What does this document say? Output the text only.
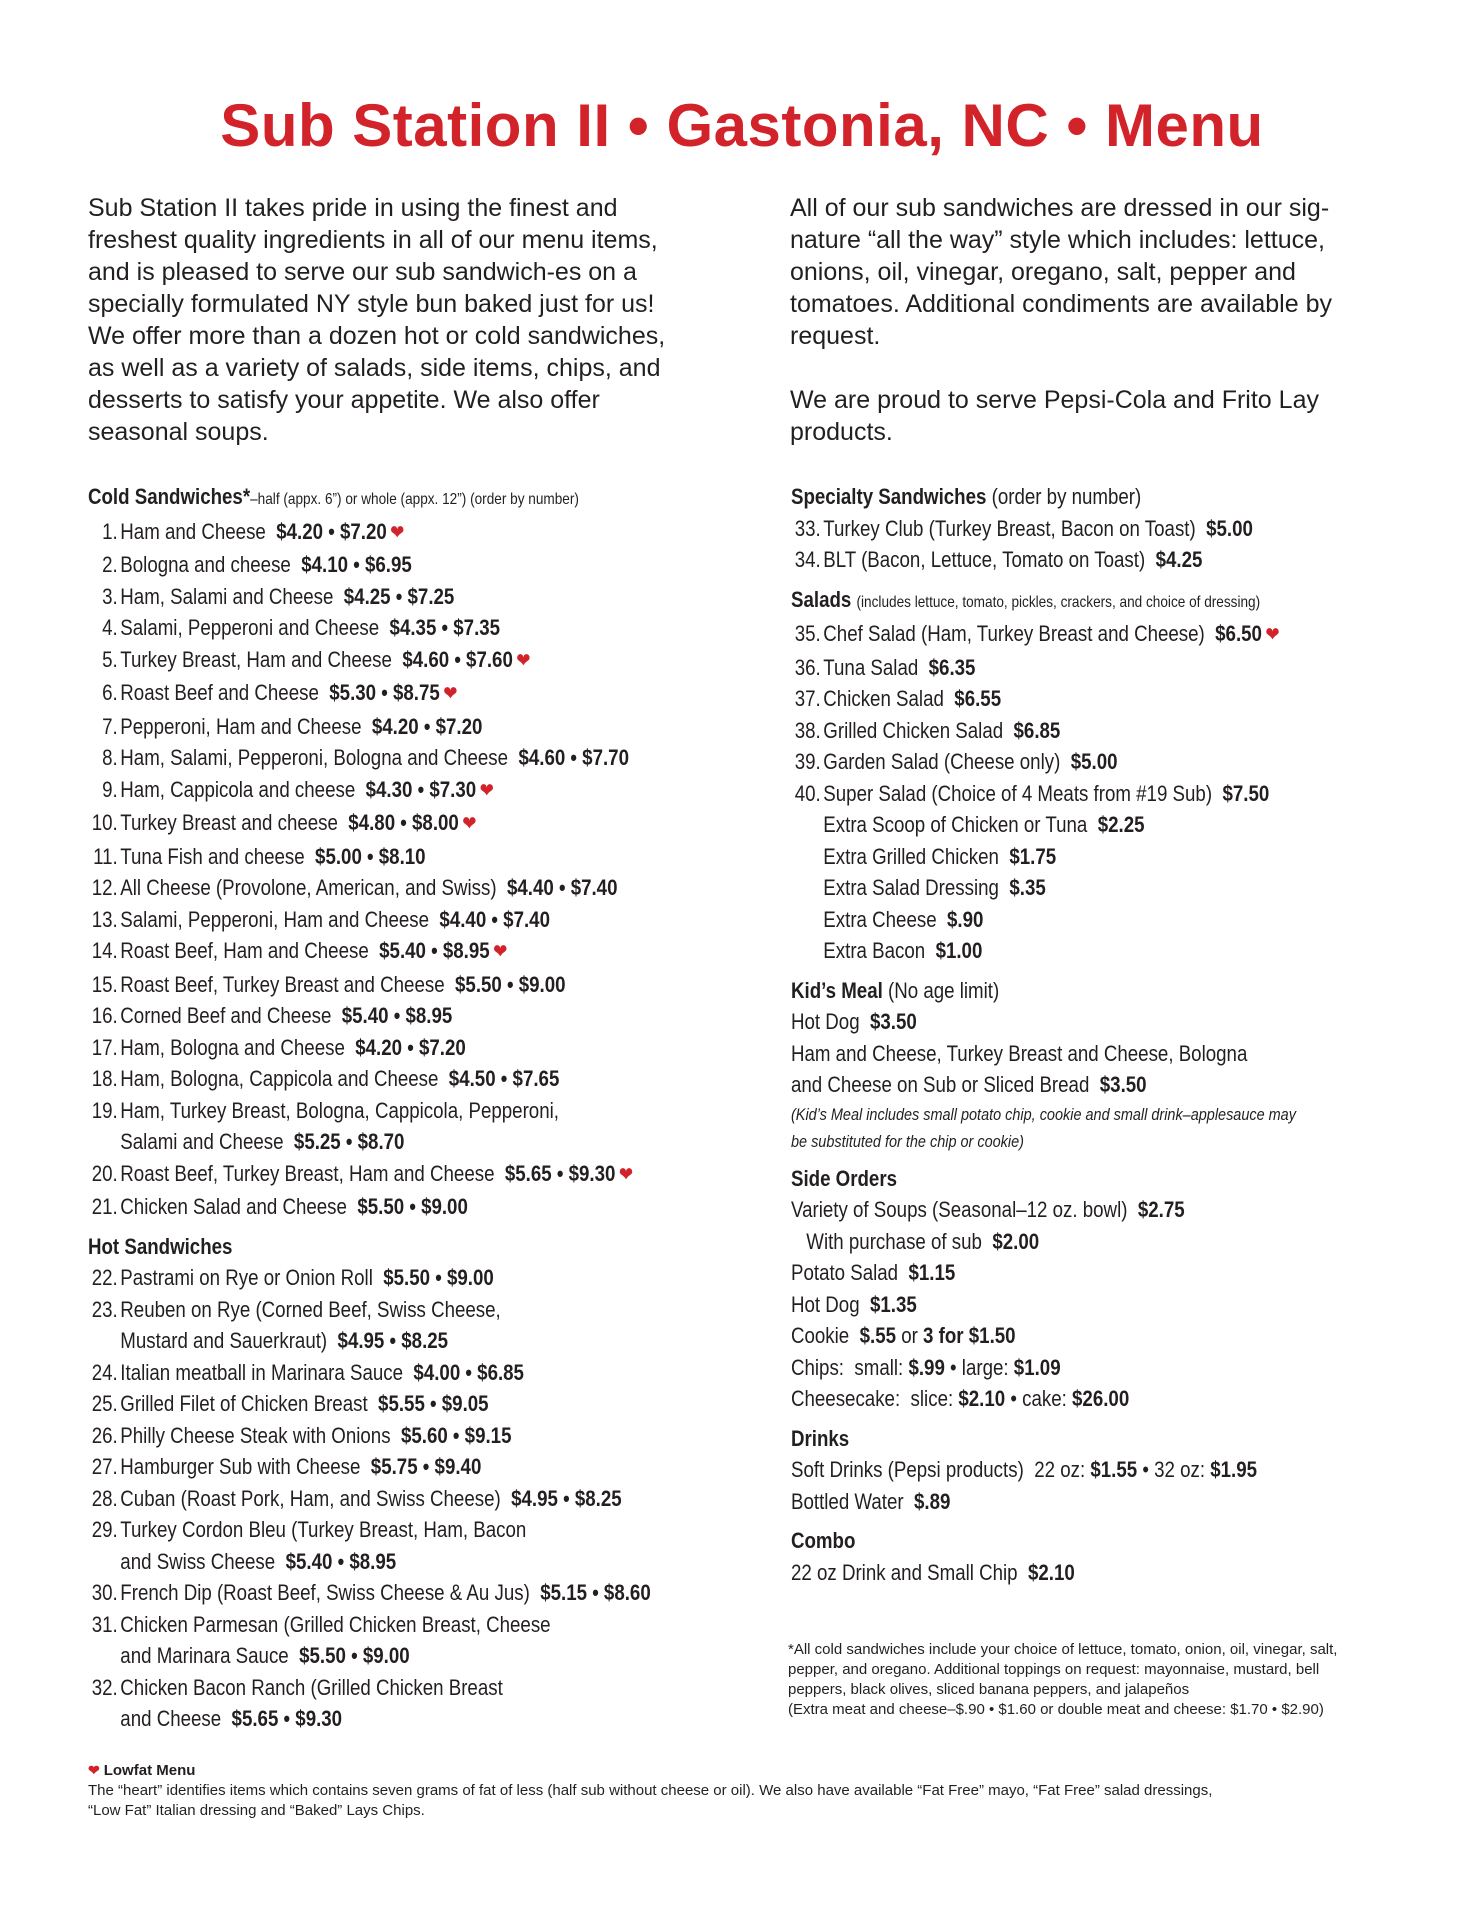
Sub Station II • Gastonia, NC • Menu

Sub Station II takes pride in using the finest and freshest quality ingredients in all of our menu items, and is pleased to serve our sub sandwich-es on a specially formulated NY style bun baked just for us! We offer more than a dozen hot or cold sandwiches, as well as a variety of salads, side items, chips, and desserts to satisfy your appetite. We also offer seasonal soups.

All of our sub sandwiches are dressed in our sig-nature “all the way” style which includes: lettuce, onions, oil, vinegar, oregano, salt, pepper and tomatoes. Additional condiments are available by request.

We are proud to serve Pepsi-Cola and Frito Lay products.

Cold Sandwiches*–half (appx. 6”) or whole (appx. 12”) (order by number)
1. Ham and Cheese $4.20 • $7.20 ❤
2. Bologna and cheese $4.10 • $6.95
3. Ham, Salami and Cheese $4.25 • $7.25
4. Salami, Pepperoni and Cheese $4.35 • $7.35
5. Turkey Breast, Ham and Cheese $4.60 • $7.60 ❤
6. Roast Beef and Cheese $5.30 • $8.75 ❤
7. Pepperoni, Ham and Cheese $4.20 • $7.20
8. Ham, Salami, Pepperoni, Bologna and Cheese $4.60 • $7.70
9. Ham, Cappicola and cheese $4.30 • $7.30 ❤
10. Turkey Breast and cheese $4.80 • $8.00 ❤
11. Tuna Fish and cheese $5.00 • $8.10
12. All Cheese (Provolone, American, and Swiss) $4.40 • $7.40
13. Salami, Pepperoni, Ham and Cheese $4.40 • $7.40
14. Roast Beef, Ham and Cheese $5.40 • $8.95 ❤
15. Roast Beef, Turkey Breast and Cheese $5.50 • $9.00
16. Corned Beef and Cheese $5.40 • $8.95
17. Ham, Bologna and Cheese $4.20 • $7.20
18. Ham, Bologna, Cappicola and Cheese $4.50 • $7.65
19. Ham, Turkey Breast, Bologna, Cappicola, Pepperoni,
Salami and Cheese $5.25 • $8.70
20. Roast Beef, Turkey Breast, Ham and Cheese $5.65 • $9.30 ❤
21. Chicken Salad and Cheese $5.50 • $9.00
Hot Sandwiches
22. Pastrami on Rye or Onion Roll $5.50 • $9.00
23. Reuben on Rye (Corned Beef, Swiss Cheese,
Mustard and Sauerkraut) $4.95 • $8.25
24. Italian meatball in Marinara Sauce $4.00 • $6.85
25. Grilled Filet of Chicken Breast $5.55 • $9.05
26. Philly Cheese Steak with Onions $5.60 • $9.15
27. Hamburger Sub with Cheese $5.75 • $9.40
28. Cuban (Roast Pork, Ham, and Swiss Cheese) $4.95 • $8.25
29. Turkey Cordon Bleu (Turkey Breast, Ham, Bacon
and Swiss Cheese $5.40 • $8.95
30. French Dip (Roast Beef, Swiss Cheese & Au Jus) $5.15 • $8.60
31. Chicken Parmesan (Grilled Chicken Breast, Cheese
and Marinara Sauce $5.50 • $9.00
32. Chicken Bacon Ranch (Grilled Chicken Breast
and Cheese $5.65 • $9.30
Specialty Sandwiches (order by number)
33. Turkey Club (Turkey Breast, Bacon on Toast) $5.00
34. BLT (Bacon, Lettuce, Tomato on Toast) $4.25
Salads (includes lettuce, tomato, pickles, crackers, and choice of dressing)
35. Chef Salad (Ham, Turkey Breast and Cheese) $6.50 ❤
36. Tuna Salad $6.35
37. Chicken Salad $6.55
38. Grilled Chicken Salad $6.85
39. Garden Salad (Cheese only) $5.00
40. Super Salad (Choice of 4 Meats from #19 Sub) $7.50
Extra Scoop of Chicken or Tuna $2.25
Extra Grilled Chicken $1.75
Extra Salad Dressing $.35
Extra Cheese $.90
Extra Bacon $1.00
Kid’s Meal (No age limit)
Hot Dog $3.50
Ham and Cheese, Turkey Breast and Cheese, Bologna
and Cheese on Sub or Sliced Bread $3.50
(Kid’s Meal includes small potato chip, cookie and small drink–applesauce may
be substituted for the chip or cookie)
Side Orders
Variety of Soups (Seasonal–12 oz. bowl) $2.75
With purchase of sub $2.00
Potato Salad $1.15
Hot Dog $1.35
Cookie $.55 or 3 for $1.50
Chips: small: $.99 • large: $1.09
Cheesecake: slice: $2.10 • cake: $26.00
Drinks
Soft Drinks (Pepsi products) 22 oz: $1.55 • 32 oz: $1.95
Bottled Water $.89
Combo
22 oz Drink and Small Chip $2.10
*All cold sandwiches include your choice of lettuce, tomato, onion, oil, vinegar, salt,
pepper, and oregano. Additional toppings on request: mayonnaise, mustard, bell
peppers, black olives, sliced banana peppers, and jalapeños
(Extra meat and cheese–$.90 • $1.60 or double meat and cheese: $1.70 • $2.90)
❤ Lowfat Menu
The “heart” identifies items which contains seven grams of fat of less (half sub without cheese or oil). We also have available “Fat Free” mayo, “Fat Free” salad dressings,
“Low Fat” Italian dressing and “Baked” Lays Chips.
